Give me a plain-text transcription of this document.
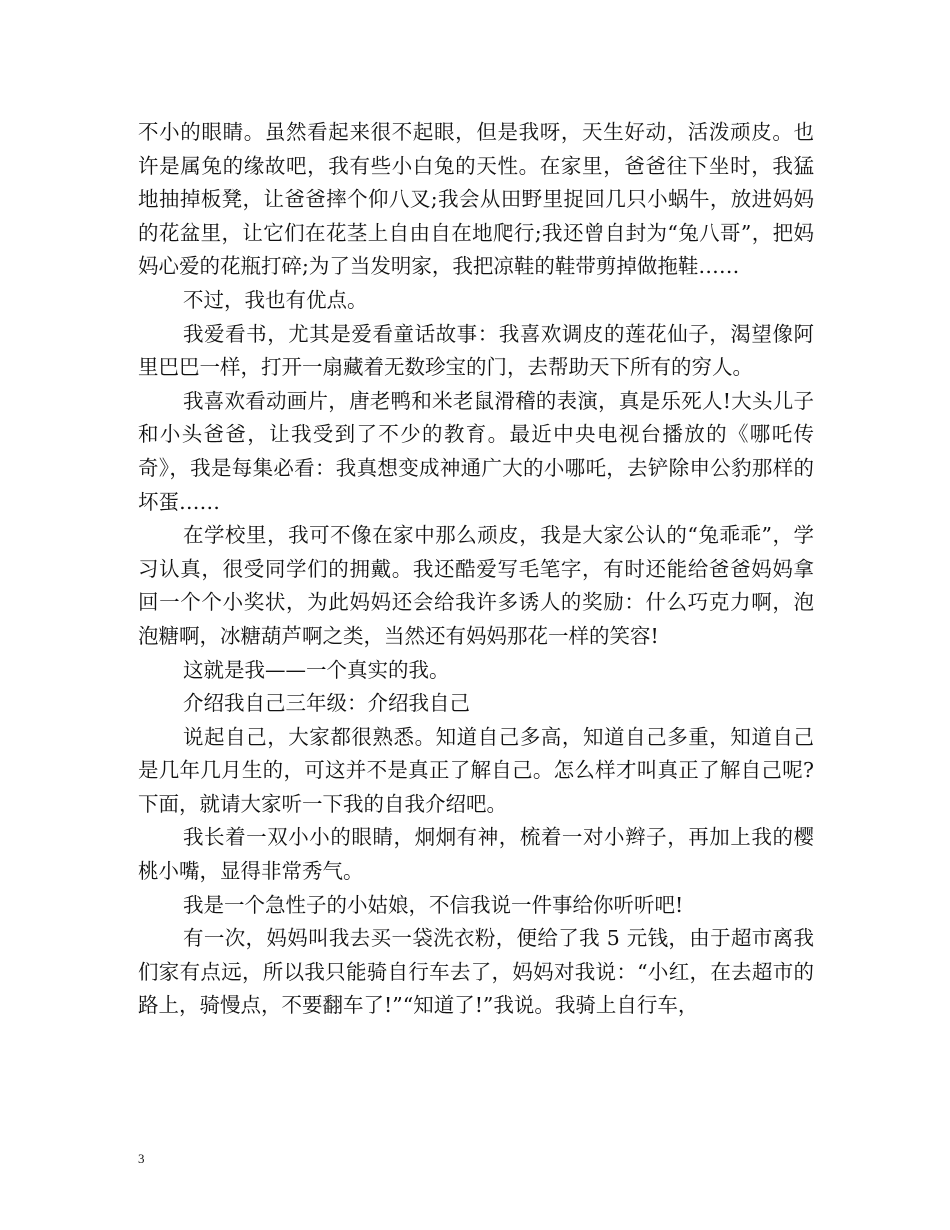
不小的眼睛。虽然看起来很不起眼，但是我呀，天生好动，活泼顽皮。也许是属兔的缘故吧，我有些小白兔的天性。在家里，爸爸往下坐时，我猛地抽掉板凳，让爸爸摔个仰八叉;我会从田野里捉回几只小蜗牛，放进妈妈的花盆里，让它们在花茎上自由自在地爬行;我还曾自封为“兔八哥”，把妈妈心爱的花瓶打碎;为了当发明家，我把凉鞋的鞋带剪掉做拖鞋……

不过，我也有优点。

我爱看书，尤其是爱看童话故事：我喜欢调皮的莲花仙子，渴望像阿里巴巴一样，打开一扇藏着无数珍宝的门，去帮助天下所有的穷人。

我喜欢看动画片，唐老鸭和米老鼠滑稽的表演，真是乐死人!大头儿子和小头爸爸，让我受到了不少的教育。最近中央电视台播放的《哪吒传奇》，我是每集必看：我真想变成神通广大的小哪吒，去铲除申公豹那样的坏蛋……

在学校里，我可不像在家中那么顽皮，我是大家公认的“兔乖乖”，学习认真，很受同学们的拥戴。我还酷爱写毛笔字，有时还能给爸爸妈妈拿回一个个小奖状，为此妈妈还会给我许多诱人的奖励：什么巧克力啊，泡泡糖啊，冰糖葫芦啊之类，当然还有妈妈那花一样的笑容!

这就是我——一个真实的我。

介绍我自己三年级：介绍我自己

说起自己，大家都很熟悉。知道自己多高，知道自己多重，知道自己是几年几月生的，可这并不是真正了解自己。怎么样才叫真正了解自己呢?下面，就请大家听一下我的自我介绍吧。

我长着一双小小的眼睛，炯炯有神，梳着一对小辫子，再加上我的樱桃小嘴，显得非常秀气。

我是一个急性子的小姑娘，不信我说一件事给你听听吧!

有一次，妈妈叫我去买一袋洗衣粉，便给了我 5 元钱，由于超市离我们家有点远，所以我只能骑自行车去了，妈妈对我说：“小红，在去超市的路上，骑慢点，不要翻车了!”“知道了!”我说。我骑上自行车，

3
